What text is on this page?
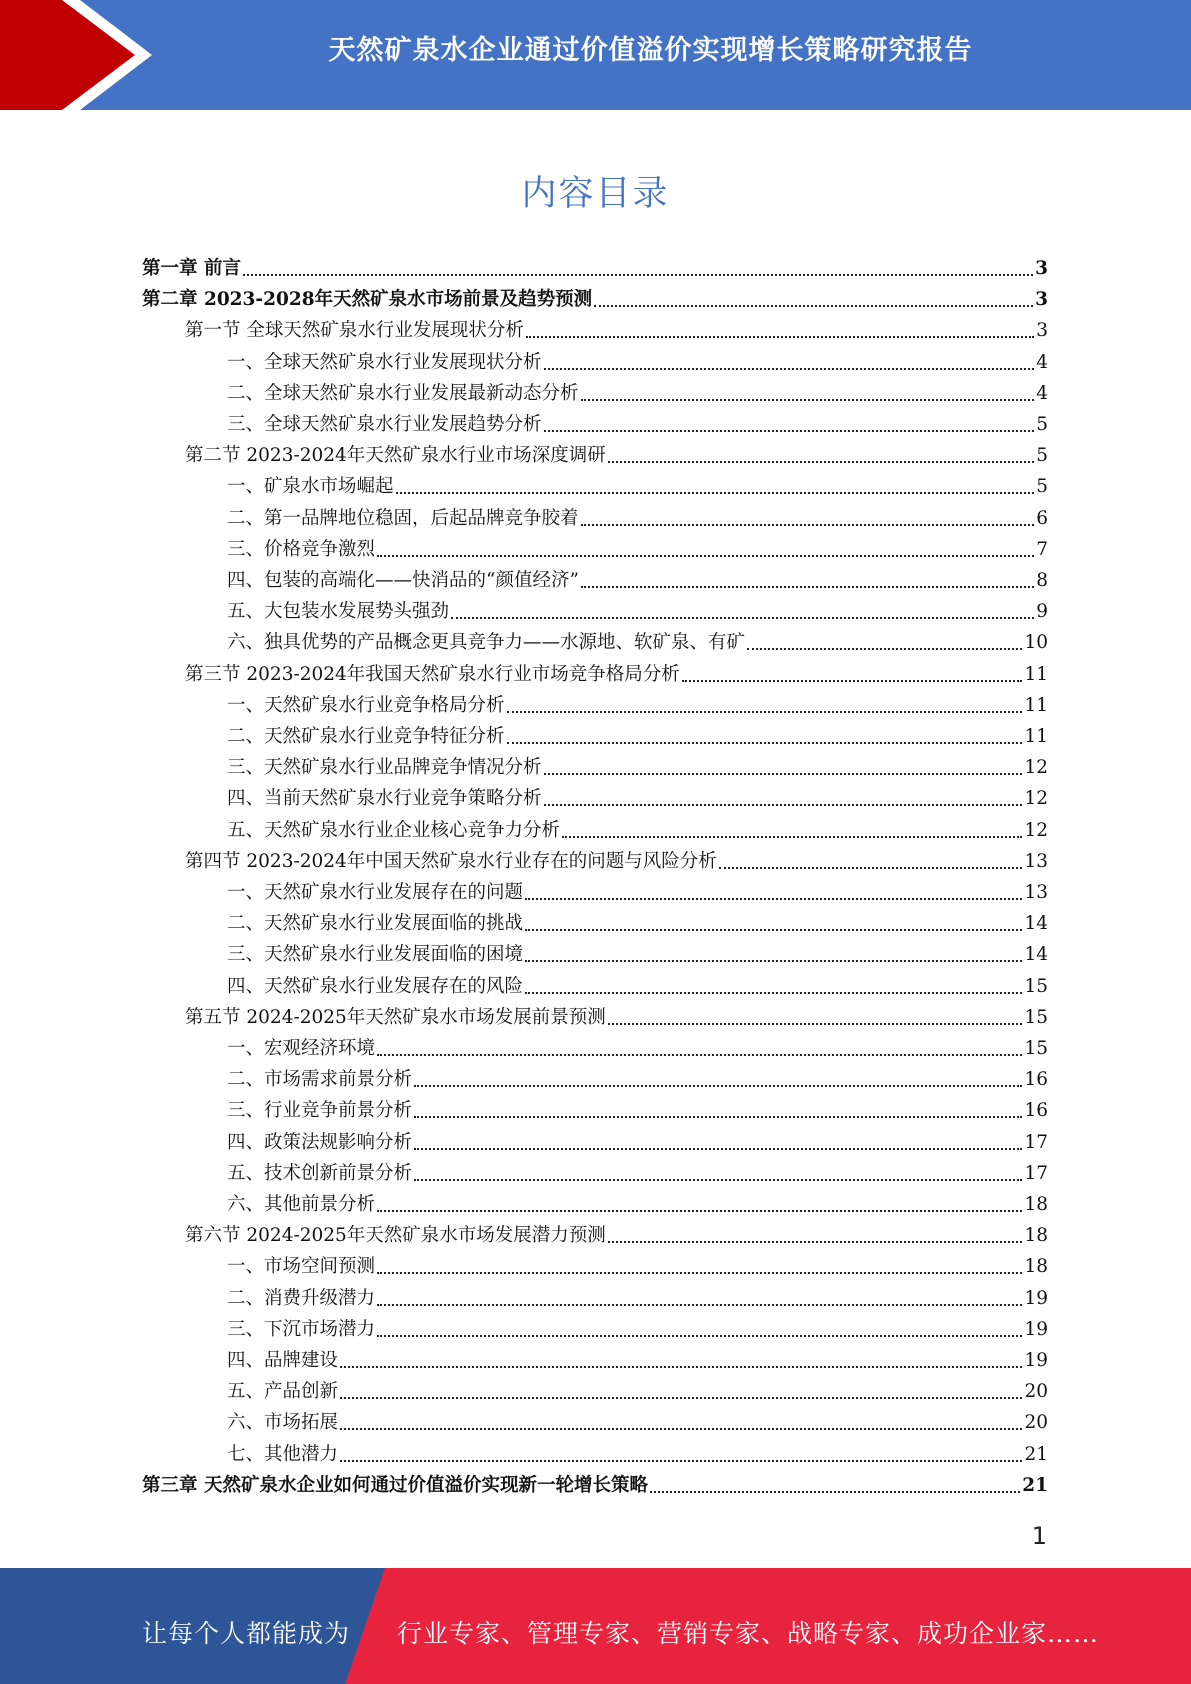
天然矿泉水企业通过价值溢价实现增长策略研究报告
内容目录
第一章 前言	3
第二章 2023-2028年天然矿泉水市场前景及趋势预测	3
第一节 全球天然矿泉水行业发展现状分析	3
一、全球天然矿泉水行业发展现状分析	4
二、全球天然矿泉水行业发展最新动态分析	4
三、全球天然矿泉水行业发展趋势分析	5
第二节 2023-2024年天然矿泉水行业市场深度调研	5
一、矿泉水市场崛起	5
二、第一品牌地位稳固，后起品牌竞争胶着	6
三、价格竞争激烈	7
四、包装的高端化——快消品的“颜值经济”	8
五、大包装水发展势头强劲	9
六、独具优势的产品概念更具竞争力——水源地、软矿泉、有矿	10
第三节 2023-2024年我国天然矿泉水行业市场竞争格局分析	11
一、天然矿泉水行业竞争格局分析	11
二、天然矿泉水行业竞争特征分析	11
三、天然矿泉水行业品牌竞争情况分析	12
四、当前天然矿泉水行业竞争策略分析	12
五、天然矿泉水行业企业核心竞争力分析	12
第四节 2023-2024年中国天然矿泉水行业存在的问题与风险分析	13
一、天然矿泉水行业发展存在的问题	13
二、天然矿泉水行业发展面临的挑战	14
三、天然矿泉水行业发展面临的困境	14
四、天然矿泉水行业发展存在的风险	15
第五节 2024-2025年天然矿泉水市场发展前景预测	15
一、宏观经济环境	15
二、市场需求前景分析	16
三、行业竞争前景分析	16
四、政策法规影响分析	17
五、技术创新前景分析	17
六、其他前景分析	18
第六节 2024-2025年天然矿泉水市场发展潜力预测	18
一、市场空间预测	18
二、消费升级潜力	19
三、下沉市场潜力	19
四、品牌建设	19
五、产品创新	20
六、市场拓展	20
七、其他潜力	21
第三章 天然矿泉水企业如何通过价值溢价实现新一轮增长策略	21
1
让每个人都能成为 行业专家、管理专家、营销专家、战略专家、成功企业家……
